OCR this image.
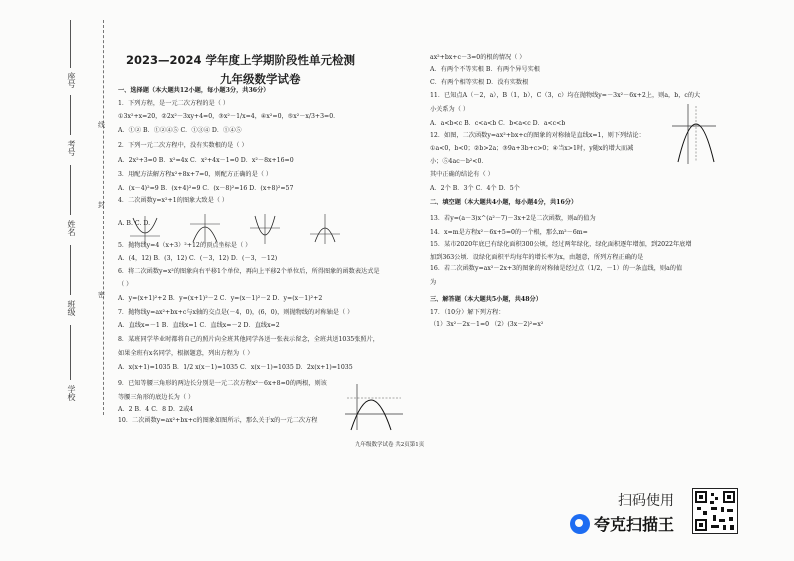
座号
考号
姓名
班级
学校
线
封
密
2023—2024 学年度上学期阶段性单元检测
九年级数学试卷
一、选择题（本大题共12小题，每小题3分，共36分）
1．下列方程，是一元二次方程的是（ ）
①3x²+x=20，②2x²－3xy+4=0，③x²－1/x=4，④x²=0，⑤x²－x/3+3=0．
A．①② B．①②④⑤ C．①③④ D．①④⑤
2．下列一元二次方程中，没有实数根的是（ ）
A．2x²+3=0 B．x²=4x C．x²+4x－1=0 D．x²－8x+16=0
3．用配方法解方程x²+8x+7=0，则配方正确的是（ ）
A．(x－4)²=9 B．(x+4)²=9 C．(x－8)²=16 D．(x+8)²=57
4．二次函数y=x²+1的图象大致是（ ）
A. B. C. D.
5．抛物线y=4（x+3）²+12的顶点坐标是（ ）
A．(4，12) B．(3，12) C．(－3，12) D．(－3，－12)
6．将二次函数y=x²的图象向右平移1个单位，再向上平移2个单位后，所得图象的函数表达式是
（ ）
A．y=(x+1)²+2 B．y=(x+1)²－2 C．y=(x－1)²－2 D．y=(x－1)²+2
7．抛物线y=ax²+bx+c与x轴的交点是(－4，0)，(6，0)，则抛物线的对称轴是（ ）
A．直线x=－1 B．直线x=1 C．直线x=－2 D．直线x=2
8．某班同学毕业时都将自己的照片向全班其他同学各送一张表示留念，全班共送1035张照片，
如果全班有x名同学，根据题意，列出方程为（ ）
A．x(x+1)=1035 B．1/2 x(x－1)=1035 C．x(x－1)=1035 D．2x(x+1)=1035
9．已知等腰三角形的两边长分别是一元二次方程x²－6x+8=0的两根，则该
等腰三角形的底边长为（ ）
A．2 B．4 C．8 D．2或4
10．二次函数y=ax²+bx+c的图象如图所示，那么关于x的一元二次方程
ax²+bx+c－3=0的根的情况（ ）
A．有两个不等实根 B．有两个异号实根
C．有两个相等实根 D．没有实数根
11．已知点A（－2，a），B（1，b），C（3，c）均在抛物线y=－3x²－6x+2上，则a，b，c的大
小关系为（ ）
A．a<b<c B．c<a<b C．b<a<c D．a<c<b
12．如图，二次函数y=ax²+bx+c的图象的对称轴是直线x=1，则下列结论：
①a<0，b<0；②b>2a；③9a+3b+c>0；④当x>1时，y随x的增大而减
小；⑤4ac－b²<0．
其中正确的结论有（ ）
A．2个 B．3个 C．4个 D．5个
二、填空题（本大题共4小题，每小题4分，共16分）
13．若y=(a－3)x^(a²－7)－3x+2是二次函数，则a的值为
14．x=m是方程x²－6x+5=0的一个根，那么m²－6m=
15．某市2020年底已有绿化面积300公顷，经过两年绿化，绿化面积逐年增加，到2022年底增
加到363公顷．设绿化面积平均每年的增长率为x，由题意，所列方程正确的是
16．若二次函数y=ax²－2x+3的图象的对称轴是经过点（1/2，－1）的一条直线，则a的值
为
三、解答题（本大题共5小题，共48分）
17．（10分）解下列方程：
（1）3x²－2x－1=0 （2）(3x－2)²=x²
九年级数学试卷 共2页第1页
扫码使用
夸克扫描王
